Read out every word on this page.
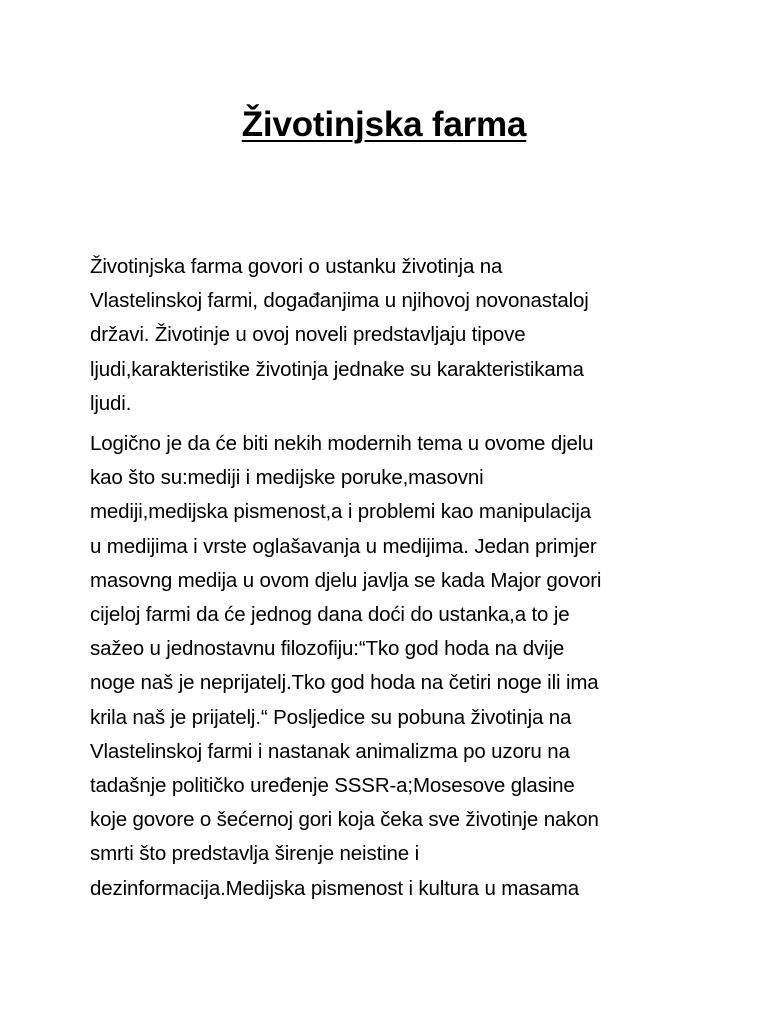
Životinjska farma

Životinjska farma govori o ustanku životinja na
Vlastelinskoj farmi, događanjima u njihovoj novonastaloj
državi. Životinje u ovoj noveli predstavljaju tipove
ljudi,karakteristike životinja jednake su karakteristikama
ljudi.

Logično je da će biti nekih modernih tema u ovome djelu
kao što su:mediji i medijske poruke,masovni
mediji,medijska pismenost,a i problemi kao manipulacija
u medijima i vrste oglašavanja u medijima. Jedan primjer
masovng medija u ovom djelu javlja se kada Major govori
cijeloj farmi da će jednog dana doći do ustanka,a to je
sažeo u jednostavnu filozofiju:“Tko god hoda na dvije
noge naš je neprijatelj.Tko god hoda na četiri noge ili ima
krila naš je prijatelj.“ Posljedice su pobuna životinja na
Vlastelinskoj farmi i nastanak animalizma po uzoru na
tadašnje političko uređenje SSSR-a;Mosesove glasine
koje govore o šećernoj gori koja čeka sve životinje nakon
smrti što predstavlja širenje neistine i
dezinformacija.Medijska pismenost i kultura u masama
